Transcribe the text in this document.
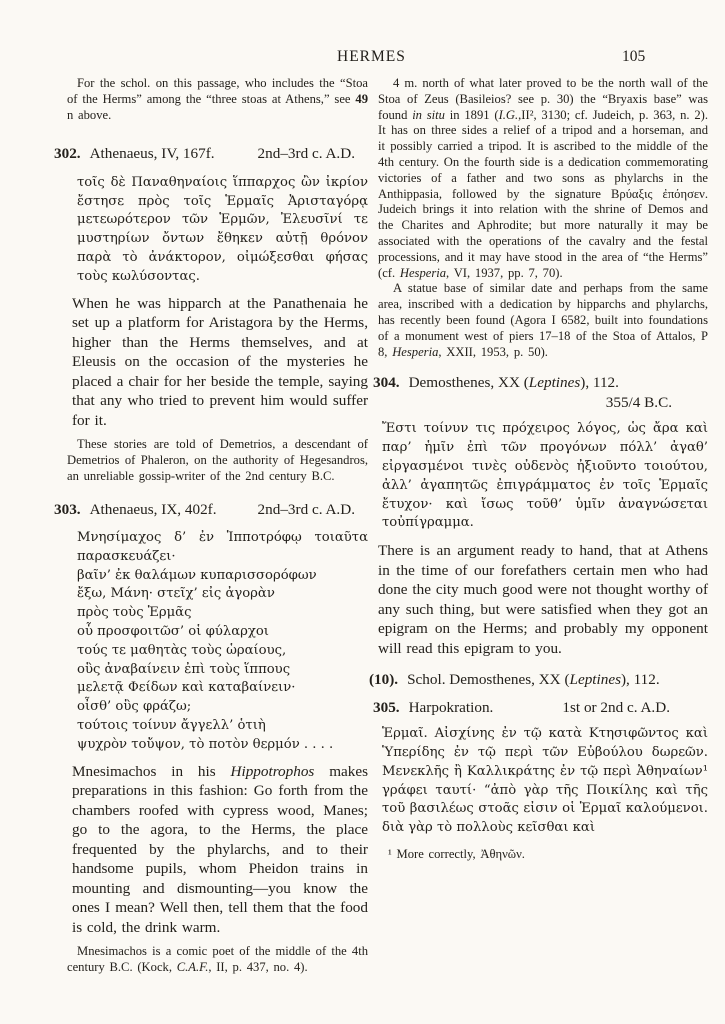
HERMES	105

For the schol. on this passage, who includes the “Stoa of the Herms” among the “three stoas at Athens,” see 49 n above.

302. Athenaeus, IV, 167f.	2nd–3rd c. A.D.

τοῖς δὲ Παναθηναίοις ἵππαρχος ὢν ἰκρίον ἔστησε πρὸς τοῖς Ἑρμαῖς Ἀρισταγόρᾳ μετεωρότερον τῶν Ἑρμῶν, Ἐλευσῖνί τε μυστηρίων ὄντων ἔθηκεν αὐτῇ θρόνον παρὰ τὸ ἀνάκτορον, οἰμώξεσθαι φήσας τοὺς κωλύσοντας.

When he was hipparch at the Panathenaia he set up a platform for Aristagora by the Herms, higher than the Herms themselves, and at Eleusis on the occasion of the mysteries he placed a chair for her beside the temple, saying that any who tried to prevent him would suffer for it.

These stories are told of Demetrios, a descendant of Demetrios of Phaleron, on the authority of Hegesandros, an unreliable gossip-writer of the 2nd century B.C.

303. Athenaeus, IX, 402f.	2nd–3rd c. A.D.

Μνησίμαχος δ’ ἐν Ἱπποτρόφῳ τοιαῦτα παρασκευάζει·

βαῖν’ ἐκ θαλάμων κυπαρισσορόφων
ἔξω, Μάνη· στεῖχ’ εἰς ἀγορὰν
πρὸς τοὺς Ἑρμᾶς
οὗ προσφοιτῶσ’ οἱ φύλαρχοι
τούς τε μαθητὰς τοὺς ὡραίους,
οὓς ἀναβαίνειν ἐπὶ τοὺς ἵππους
μελετᾷ Φείδων καὶ καταβαίνειν·
οἶσθ’ οὓς φράζω;
τούτοις τοίνυν ἄγγελλ’ ὁτιὴ
ψυχρὸν τοὔψον, τὸ ποτὸν θερμόν . . . .

Mnesimachos in his Hippotrophos makes preparations in this fashion: Go forth from the chambers roofed with cypress wood, Manes; go to the agora, to the Herms, the place frequented by the phylarchs, and to their handsome pupils, whom Pheidon trains in mounting and dismounting—you know the ones I mean? Well then, tell them that the food is cold, the drink warm.

Mnesimachos is a comic poet of the middle of the 4th century B.C. (Kock, C.A.F., II, p. 437, no. 4).

4 m. north of what later proved to be the north wall of the Stoa of Zeus (Basileios? see p. 30) the “Bryaxis base” was found in situ in 1891 (I.G.,II², 3130; cf. Judeich, p. 363, n. 2). It has on three sides a relief of a tripod and a horseman, and it possibly carried a tripod. It is ascribed to the middle of the 4th century. On the fourth side is a dedication commemorating victories of a father and two sons as phylarchs in the Anthippasia, followed by the signature Βρύαξις ἐπόησεν. Judeich brings it into relation with the shrine of Demos and the Charites and Aphrodite; but more naturally it may be associated with the operations of the cavalry and the festal processions, and it may have stood in the area of “the Herms” (cf. Hesperia, VI, 1937, pp. 7, 70).

A statue base of similar date and perhaps from the same area, inscribed with a dedication by hipparchs and phylarchs, has recently been found (Agora I 6582, built into foundations of a monument west of piers 17–18 of the Stoa of Attalos, P 8, Hesperia, XXII, 1953, p. 50).

304. Demosthenes, XX (Leptines), 112.
355/4 B.C.

Ἔστι τοίνυν τις πρόχειρος λόγος, ὡς ἄρα καὶ παρ’ ἡμῖν ἐπὶ τῶν προγόνων πόλλ’ ἀγαθ’ εἰργασμένοι τινὲς οὐδενὸς ἠξιοῦντο τοιούτου, ἀλλ’ ἀγαπητῶς ἐπιγράμματος ἐν τοῖς Ἑρμαῖς ἔτυχον· καὶ ἴσως τοῦθ’ ὑμῖν ἀναγνώσεται τοὐπίγραμμα.

There is an argument ready to hand, that at Athens in the time of our forefathers certain men who had done the city much good were not thought worthy of any such thing, but were satisfied when they got an epigram on the Herms; and probably my opponent will read this epigram to you.

(10). Schol. Demosthenes, XX (Leptines), 112.
305. Harpokration.	1st or 2nd c. A.D.

Ἑρμαῖ. Αἰσχίνης ἐν τῷ κατὰ Κτησιφῶντος καὶ Ὑπερίδης ἐν τῷ περὶ τῶν Εὐβούλου δωρεῶν. Μενεκλῆς ἢ Καλλικράτης ἐν τῷ περὶ Ἀθηναίων¹ γράφει ταυτί· “ἀπὸ γὰρ τῆς Ποικίλης καὶ τῆς τοῦ βασιλέως στοᾶς εἰσιν οἱ Ἑρμαῖ καλούμενοι. διὰ γὰρ τὸ πολλοὺς κεῖσθαι καὶ

¹ More correctly, Ἀθηνῶν.
